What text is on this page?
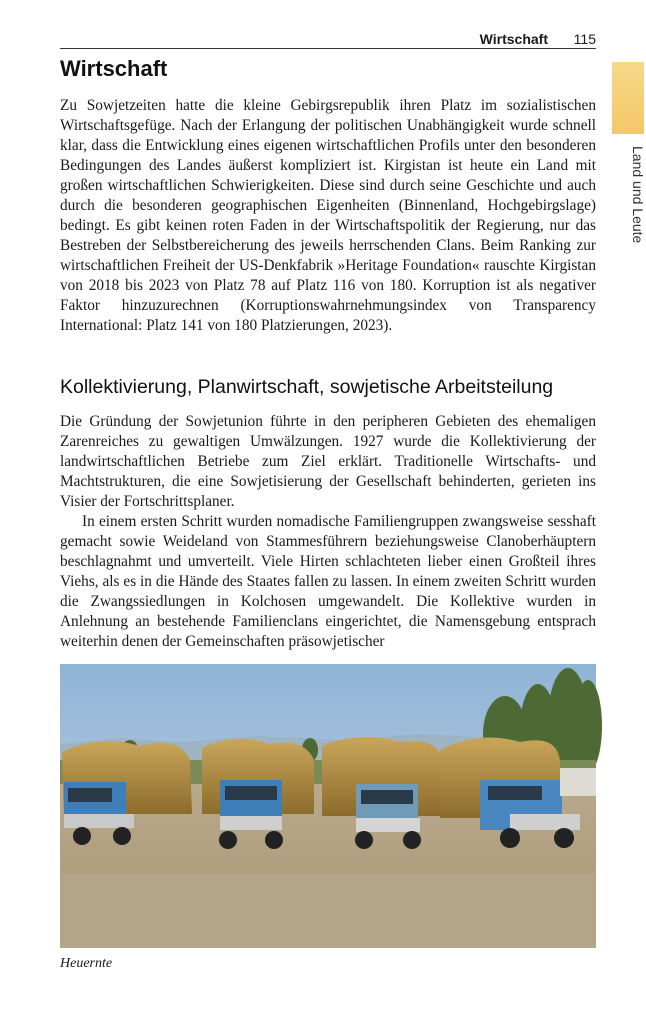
Wirtschaft 115
Land und Leute
Wirtschaft

Zu Sowjetzeiten hatte die kleine Gebirgsrepublik ihren Platz im sozialistischen Wirtschaftsgefüge. Nach der Erlangung der politischen Unabhängigkeit wurde schnell klar, dass die Entwicklung eines eigenen wirtschaftlichen Profils unter den besonderen Bedingungen des Landes äußerst kompliziert ist. Kirgistan ist heute ein Land mit großen wirtschaftlichen Schwierigkeiten. Diese sind durch seine Geschichte und auch durch die besonderen geographischen Eigenheiten (Binnenland, Hochgebirgslage) bedingt. Es gibt keinen roten Faden in der Wirtschaftspolitik der Regierung, nur das Bestreben der Selbstbereicherung des jeweils herrschenden Clans. Beim Ranking zur wirtschaftlichen Freiheit der US-Denkfabrik »Heritage Foundation« rauschte Kirgistan von 2018 bis 2023 von Platz 78 auf Platz 116 von 180. Korruption ist als negativer Faktor hinzuzurechnen (Korruptionswahrnehmungsindex von Transparency International: Platz 141 von 180 Platzierungen, 2023).

Kollektivierung, Planwirtschaft, sowjetische Arbeitsteilung

Die Gründung der Sowjetunion führte in den peripheren Gebieten des ehemaligen Zarenreiches zu gewaltigen Umwälzungen. 1927 wurde die Kollektivierung der landwirtschaftlichen Betriebe zum Ziel erklärt. Traditionelle Wirtschafts- und Machtstrukturen, die eine Sowjetisierung der Gesellschaft behinderten, gerieten ins Visier der Fortschrittsplaner.

In einem ersten Schritt wurden nomadische Familiengruppen zwangsweise sesshaft gemacht sowie Weideland von Stammesführern beziehungsweise Clanoberhäuptern beschlagnahmt und umverteilt. Viele Hirten schlachteten lieber einen Großteil ihres Viehs, als es in die Hände des Staates fallen zu lassen. In einem zweiten Schritt wurden die Zwangssiedlungen in Kolchosen umgewandelt. Die Kollektive wurden in Anlehnung an bestehende Familienclans eingerichtet, die Namensgebung entsprach weiterhin denen der Gemeinschaften präsowjetischer

Heuernte
